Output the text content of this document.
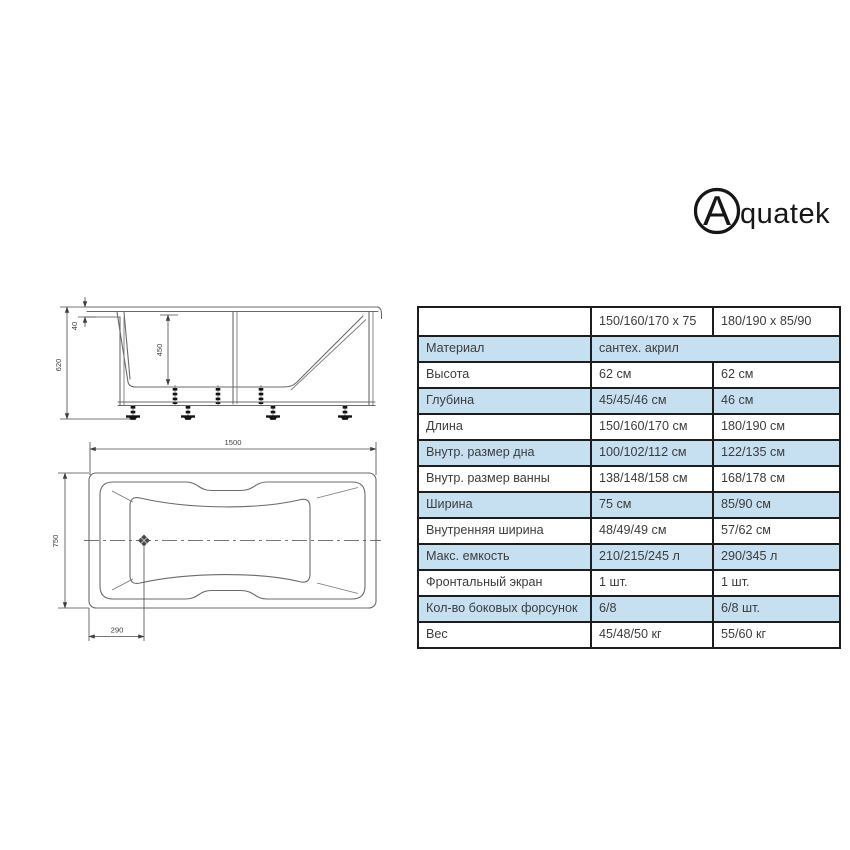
A quatek
620
40
450
1500
290
750
	150/160/170 x 75	180/190 x 85/90
Материал	сантех. акрил	
Высота	62 см	62 см
Глубина	45/45/46 см	46 см
Длина	150/160/170 см	180/190 см
Внутр. размер дна	100/102/112 см	122/135 см
Внутр. размер ванны	138/148/158 см	168/178 см
Ширина	75 см	85/90 см
Внутренняя ширина	48/49/49 см	57/62 см
Макс. емкость	210/215/245 л	290/345 л
Фронтальный экран	1 шт.	1 шт.
Кол-во боковых форсунок	6/8	6/8 шт.
Вес	45/48/50 кг	55/60 кг
